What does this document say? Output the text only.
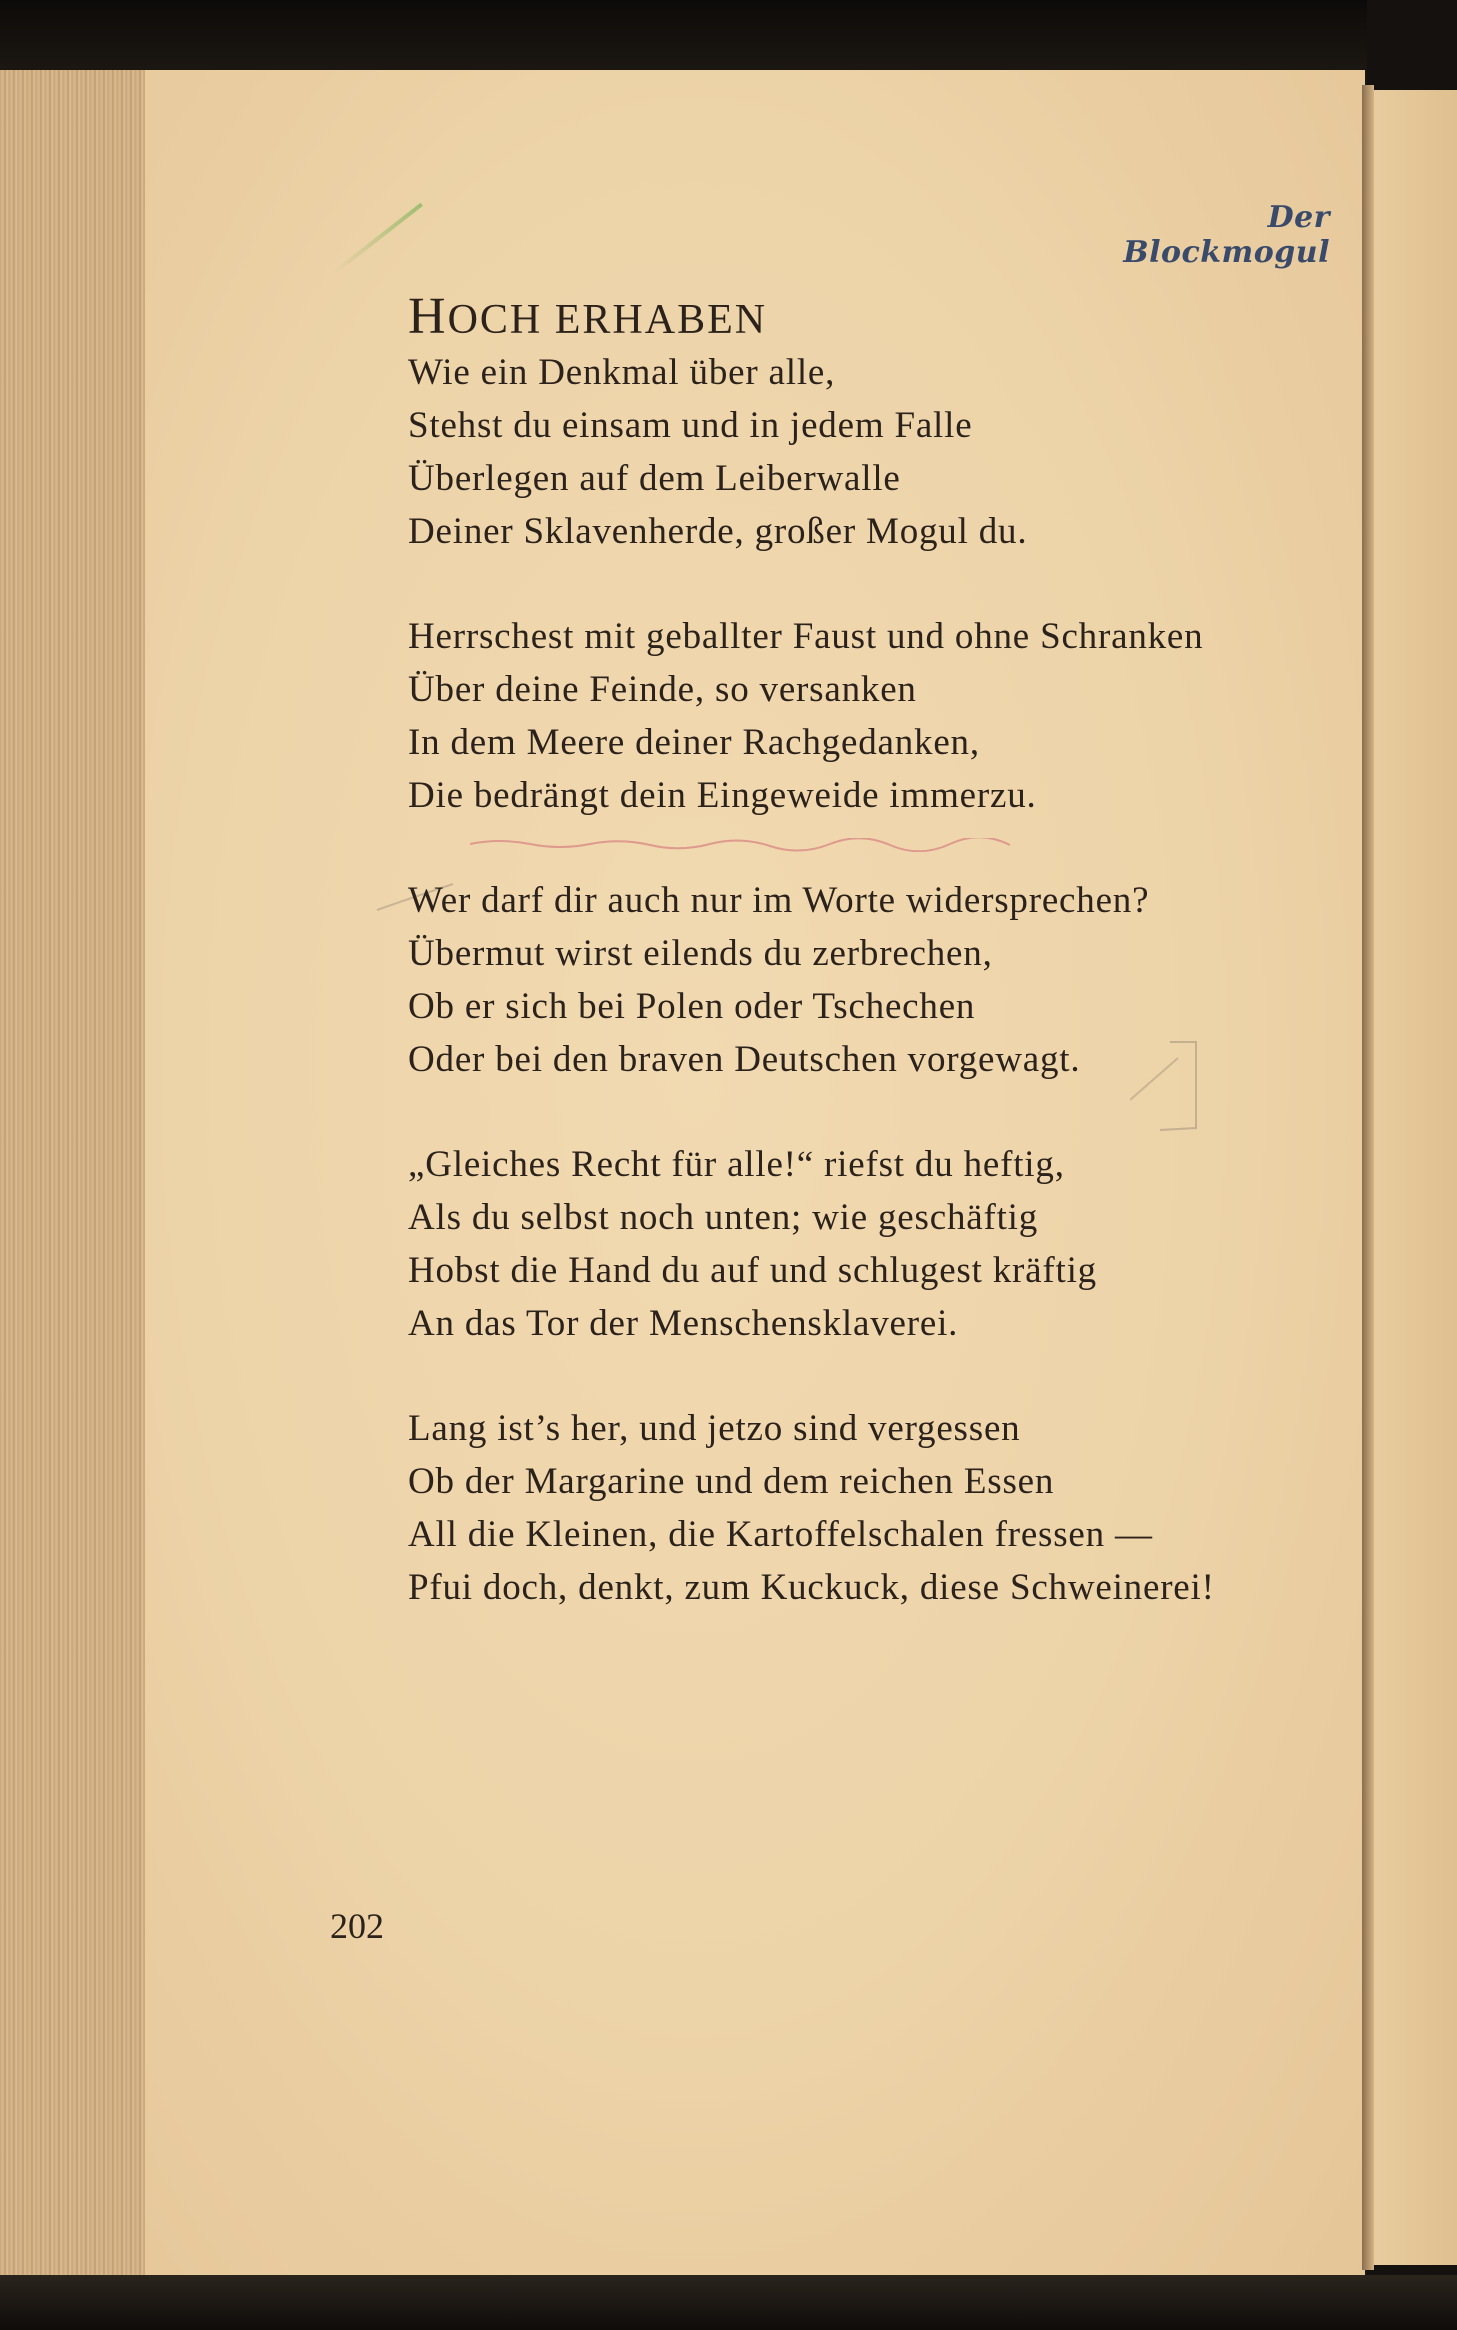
Der Blockmogul
HOCH ERHABEN
Wie ein Denkmal über alle,
Stehst du einsam und in jedem Falle
Überlegen auf dem Leiberwalle
Deiner Sklavenherde, großer Mogul du.
Herrschest mit geballter Faust und ohne Schranken
Über deine Feinde, so versanken
In dem Meere deiner Rachgedanken,
Die bedrängt dein Eingeweide immerzu.
Wer darf dir auch nur im Worte widersprechen?
Übermut wirst eilends du zerbrechen,
Ob er sich bei Polen oder Tschechen
Oder bei den braven Deutschen vorgewagt.
„Gleiches Recht für alle!“ riefst du heftig,
Als du selbst noch unten; wie geschäftig
Hobst die Hand du auf und schlugest kräftig
An das Tor der Menschensklaverei.
Lang ist’s her, und jetzo sind vergessen
Ob der Margarine und dem reichen Essen
All die Kleinen, die Kartoffelschalen fressen —
Pfui doch, denkt, zum Kuckuck, diese Schweinerei!
202
